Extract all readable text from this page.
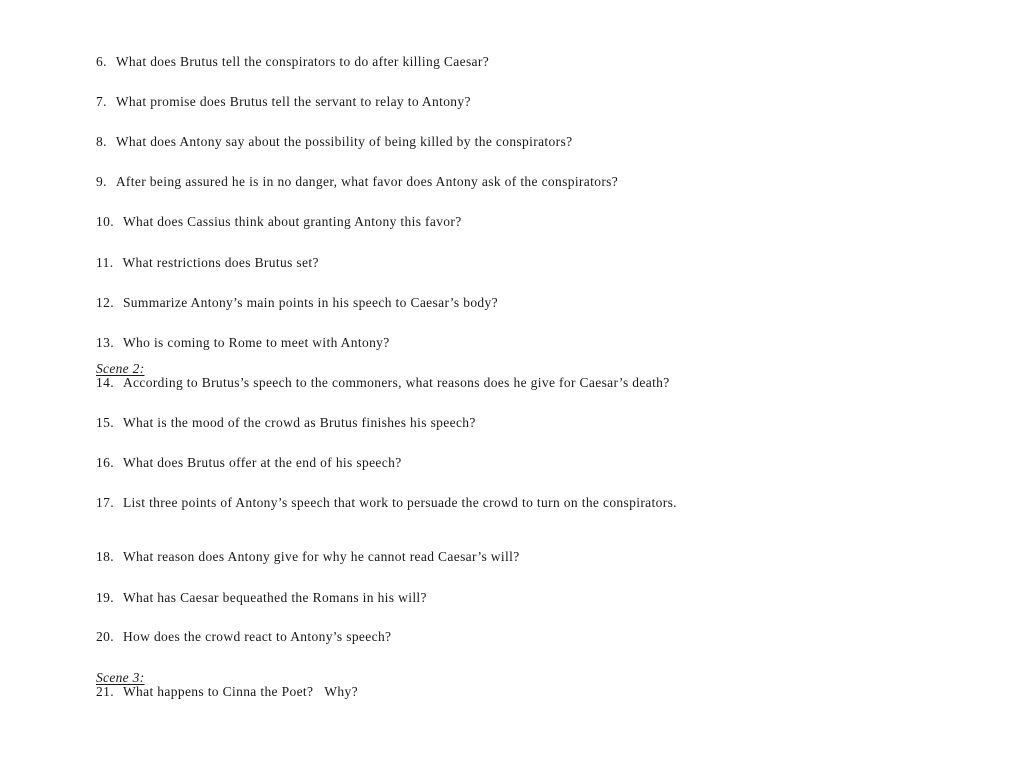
6. What does Brutus tell the conspirators to do after killing Caesar?
7. What promise does Brutus tell the servant to relay to Antony?
8. What does Antony say about the possibility of being killed by the conspirators?
9. After being assured he is in no danger, what favor does Antony ask of the conspirators?
10. What does Cassius think about granting Antony this favor?
11. What restrictions does Brutus set?
12. Summarize Antony’s main points in his speech to Caesar’s body?
13. Who is coming to Rome to meet with Antony?
Scene 2:
14. According to Brutus’s speech to the commoners, what reasons does he give for Caesar’s death?
15. What is the mood of the crowd as Brutus finishes his speech?
16. What does Brutus offer at the end of his speech?
17. List three points of Antony’s speech that work to persuade the crowd to turn on the conspirators.
18. What reason does Antony give for why he cannot read Caesar’s will?
19. What has Caesar bequeathed the Romans in his will?
20. How does the crowd react to Antony’s speech?
Scene 3:
21. What happens to Cinna the Poet?   Why?
